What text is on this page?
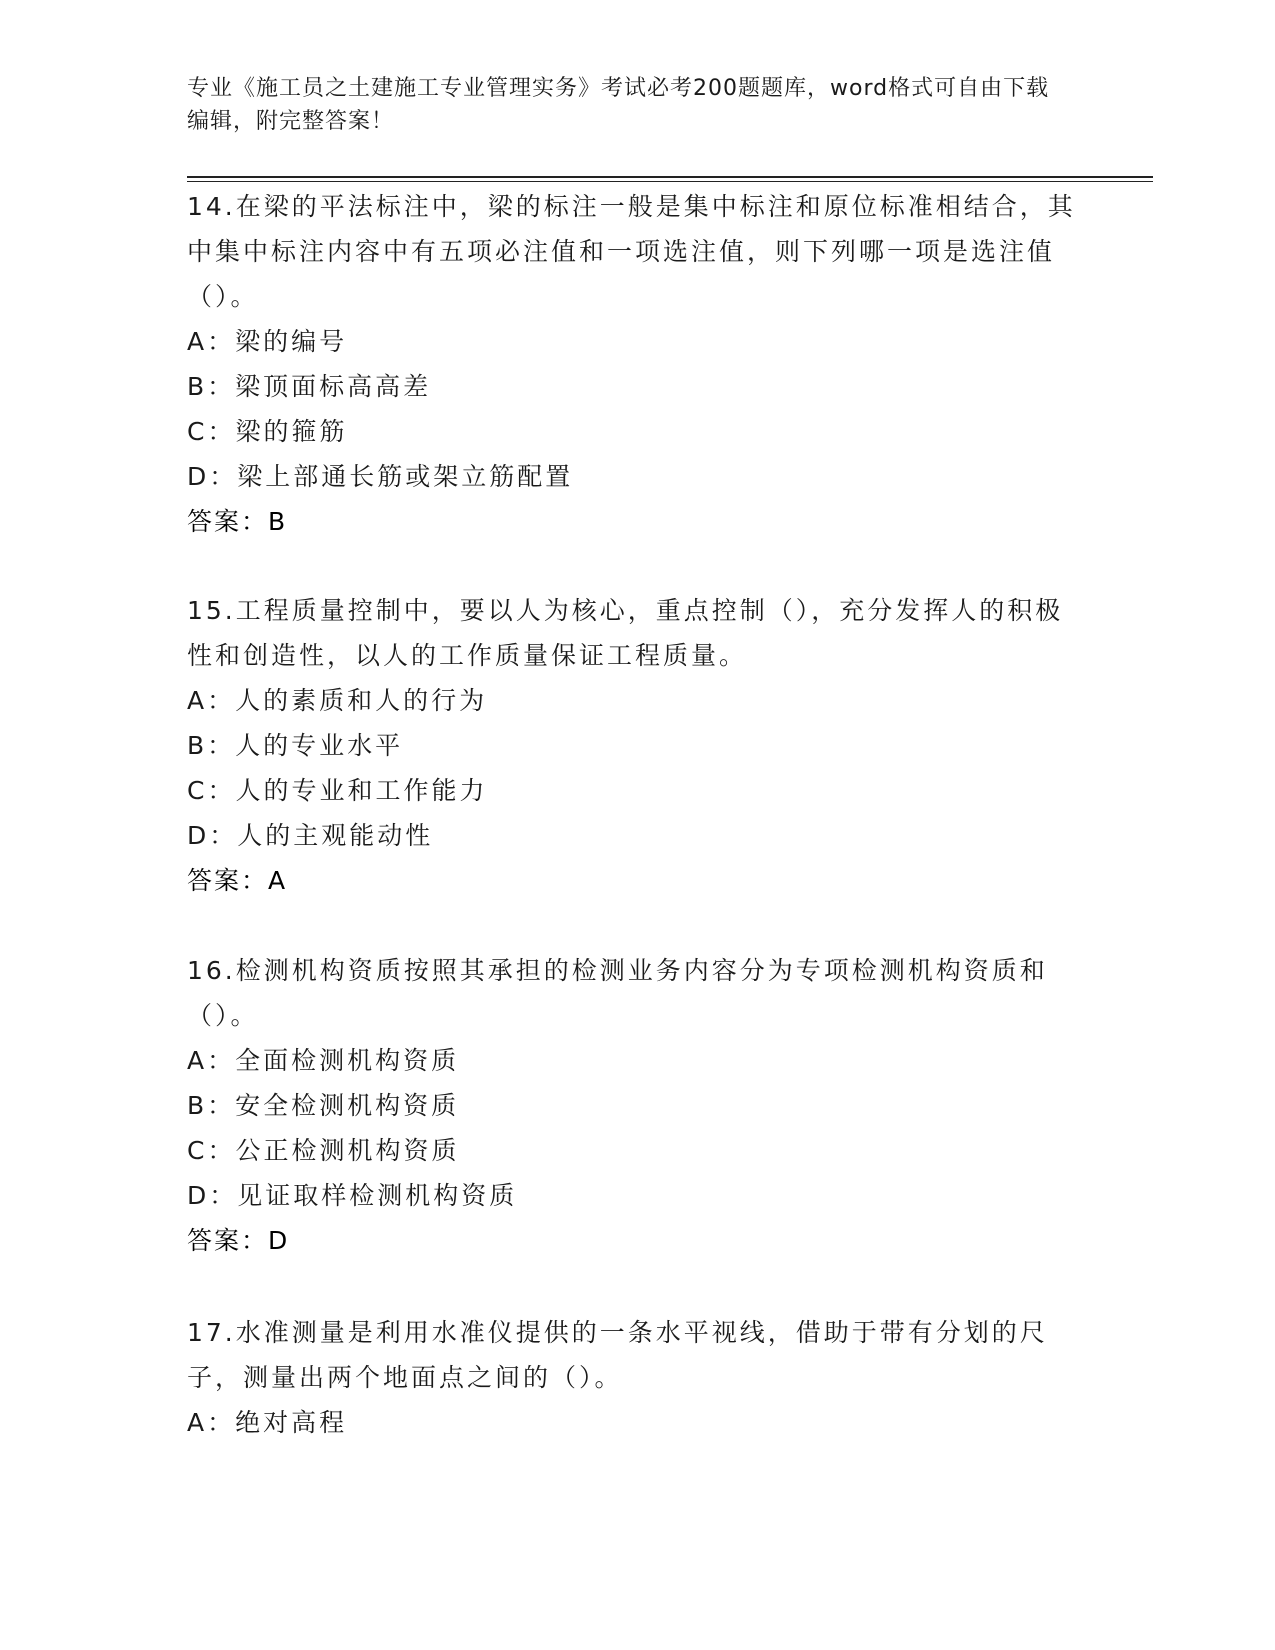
专业《施工员之土建施工专业管理实务》考试必考200题题库，word格式可自由下载编辑，附完整答案！
14.在梁的平法标注中，梁的标注一般是集中标注和原位标准相结合，其中集中标注内容中有五项必注值和一项选注值，则下列哪一项是选注值（）。
A：梁的编号
B：梁顶面标高高差
C：梁的箍筋
D：梁上部通长筋或架立筋配置
答案：B
15.工程质量控制中，要以人为核心，重点控制（），充分发挥人的积极性和创造性，以人的工作质量保证工程质量。
A：人的素质和人的行为
B：人的专业水平
C：人的专业和工作能力
D：人的主观能动性
答案：A
16.检测机构资质按照其承担的检测业务内容分为专项检测机构资质和（）。
A：全面检测机构资质
B：安全检测机构资质
C：公正检测机构资质
D：见证取样检测机构资质
答案：D
17.水准测量是利用水准仪提供的一条水平视线，借助于带有分划的尺子，测量出两个地面点之间的（）。
A：绝对高程
